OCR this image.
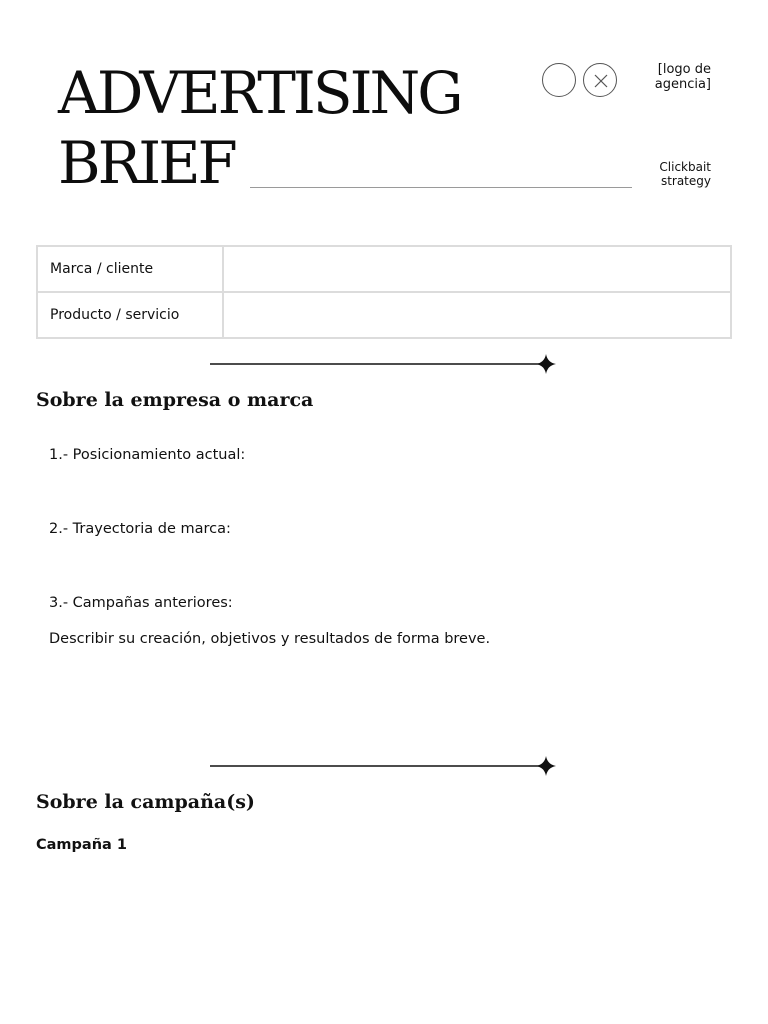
ADVERTISING
BRIEF
[logo de agencia]
Clickbait strategy
Marca / cliente	
Producto / servicio	
Sobre la empresa o marca
1.- Posicionamiento actual:
2.- Trayectoria de marca:
3.- Campañas anteriores:
Describir su creación, objetivos y resultados de forma breve.
Sobre la campaña(s)
Campaña 1
